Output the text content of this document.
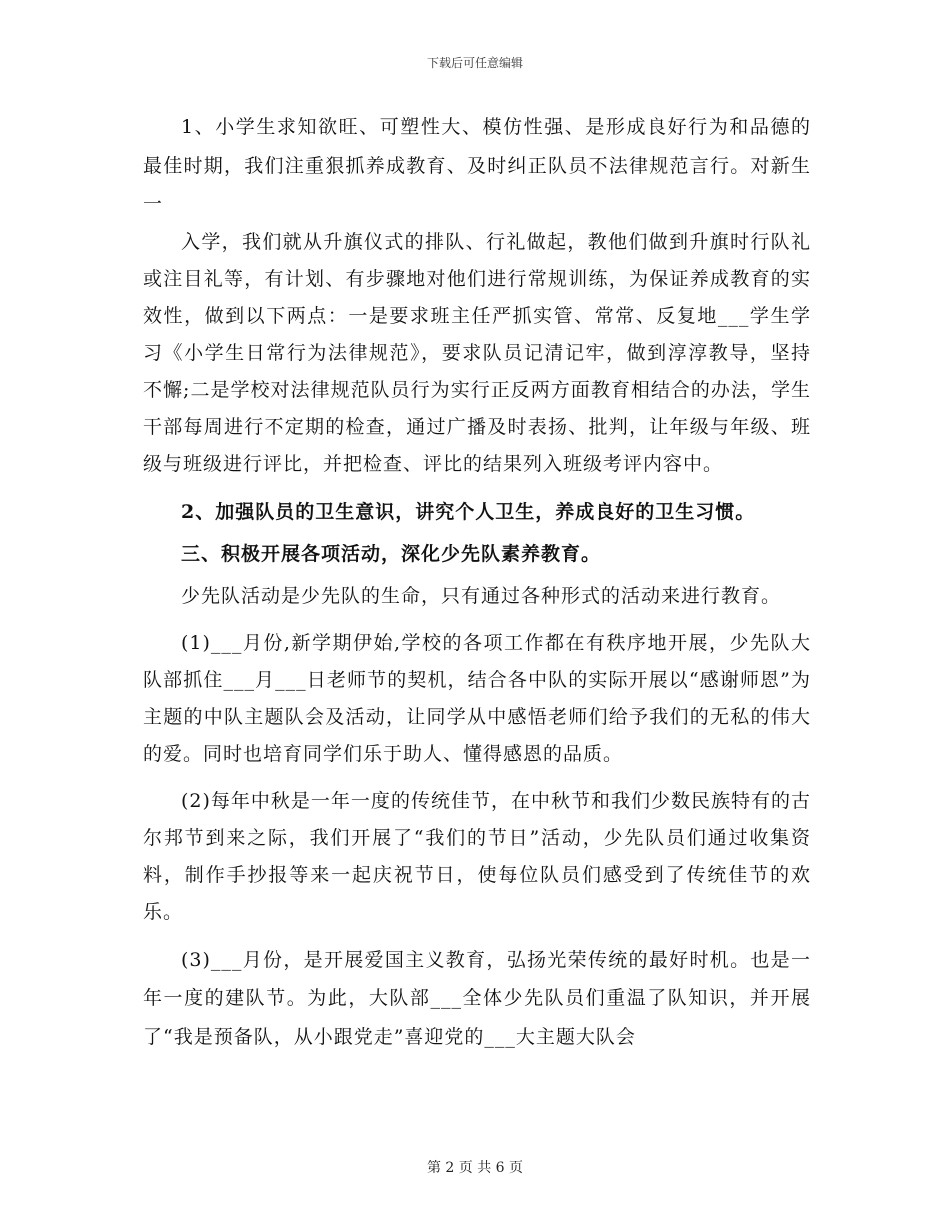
下载后可任意编辑

1、小学生求知欲旺、可塑性大、模仿性强、是形成良好行为和品德的最佳时期，我们注重狠抓养成教育、及时纠正队员不法律规范言行。对新生一

入学，我们就从升旗仪式的排队、行礼做起，教他们做到升旗时行队礼或注目礼等，有计划、有步骤地对他们进行常规训练，为保证养成教育的实效性，做到以下两点：一是要求班主任严抓实管、常常、反复地___学生学习《小学生日常行为法律规范》，要求队员记清记牢，做到淳淳教导，坚持不懈;二是学校对法律规范队员行为实行正反两方面教育相结合的办法，学生干部每周进行不定期的检查，通过广播及时表扬、批判，让年级与年级、班级与班级进行评比，并把检查、评比的结果列入班级考评内容中。

2、加强队员的卫生意识，讲究个人卫生，养成良好的卫生习惯。

三、积极开展各项活动，深化少先队素养教育。

少先队活动是少先队的生命，只有通过各种形式的活动来进行教育。

(1)___月份,新学期伊始,学校的各项工作都在有秩序地开展，少先队大队部抓住___月___日老师节的契机，结合各中队的实际开展以“感谢师恩”为主题的中队主题队会及活动，让同学从中感悟老师们给予我们的无私的伟大的爱。同时也培育同学们乐于助人、懂得感恩的品质。

(2)每年中秋是一年一度的传统佳节，在中秋节和我们少数民族特有的古尔邦节到来之际，我们开展了“我们的节日”活动，少先队员们通过收集资料，制作手抄报等来一起庆祝节日，使每位队员们感受到了传统佳节的欢乐。

(3)___月份，是开展爱国主义教育，弘扬光荣传统的最好时机。也是一年一度的建队节。为此，大队部___全体少先队员们重温了队知识，并开展了“我是预备队，从小跟党走”喜迎党的___大主题大队会

第 2 页 共 6 页
